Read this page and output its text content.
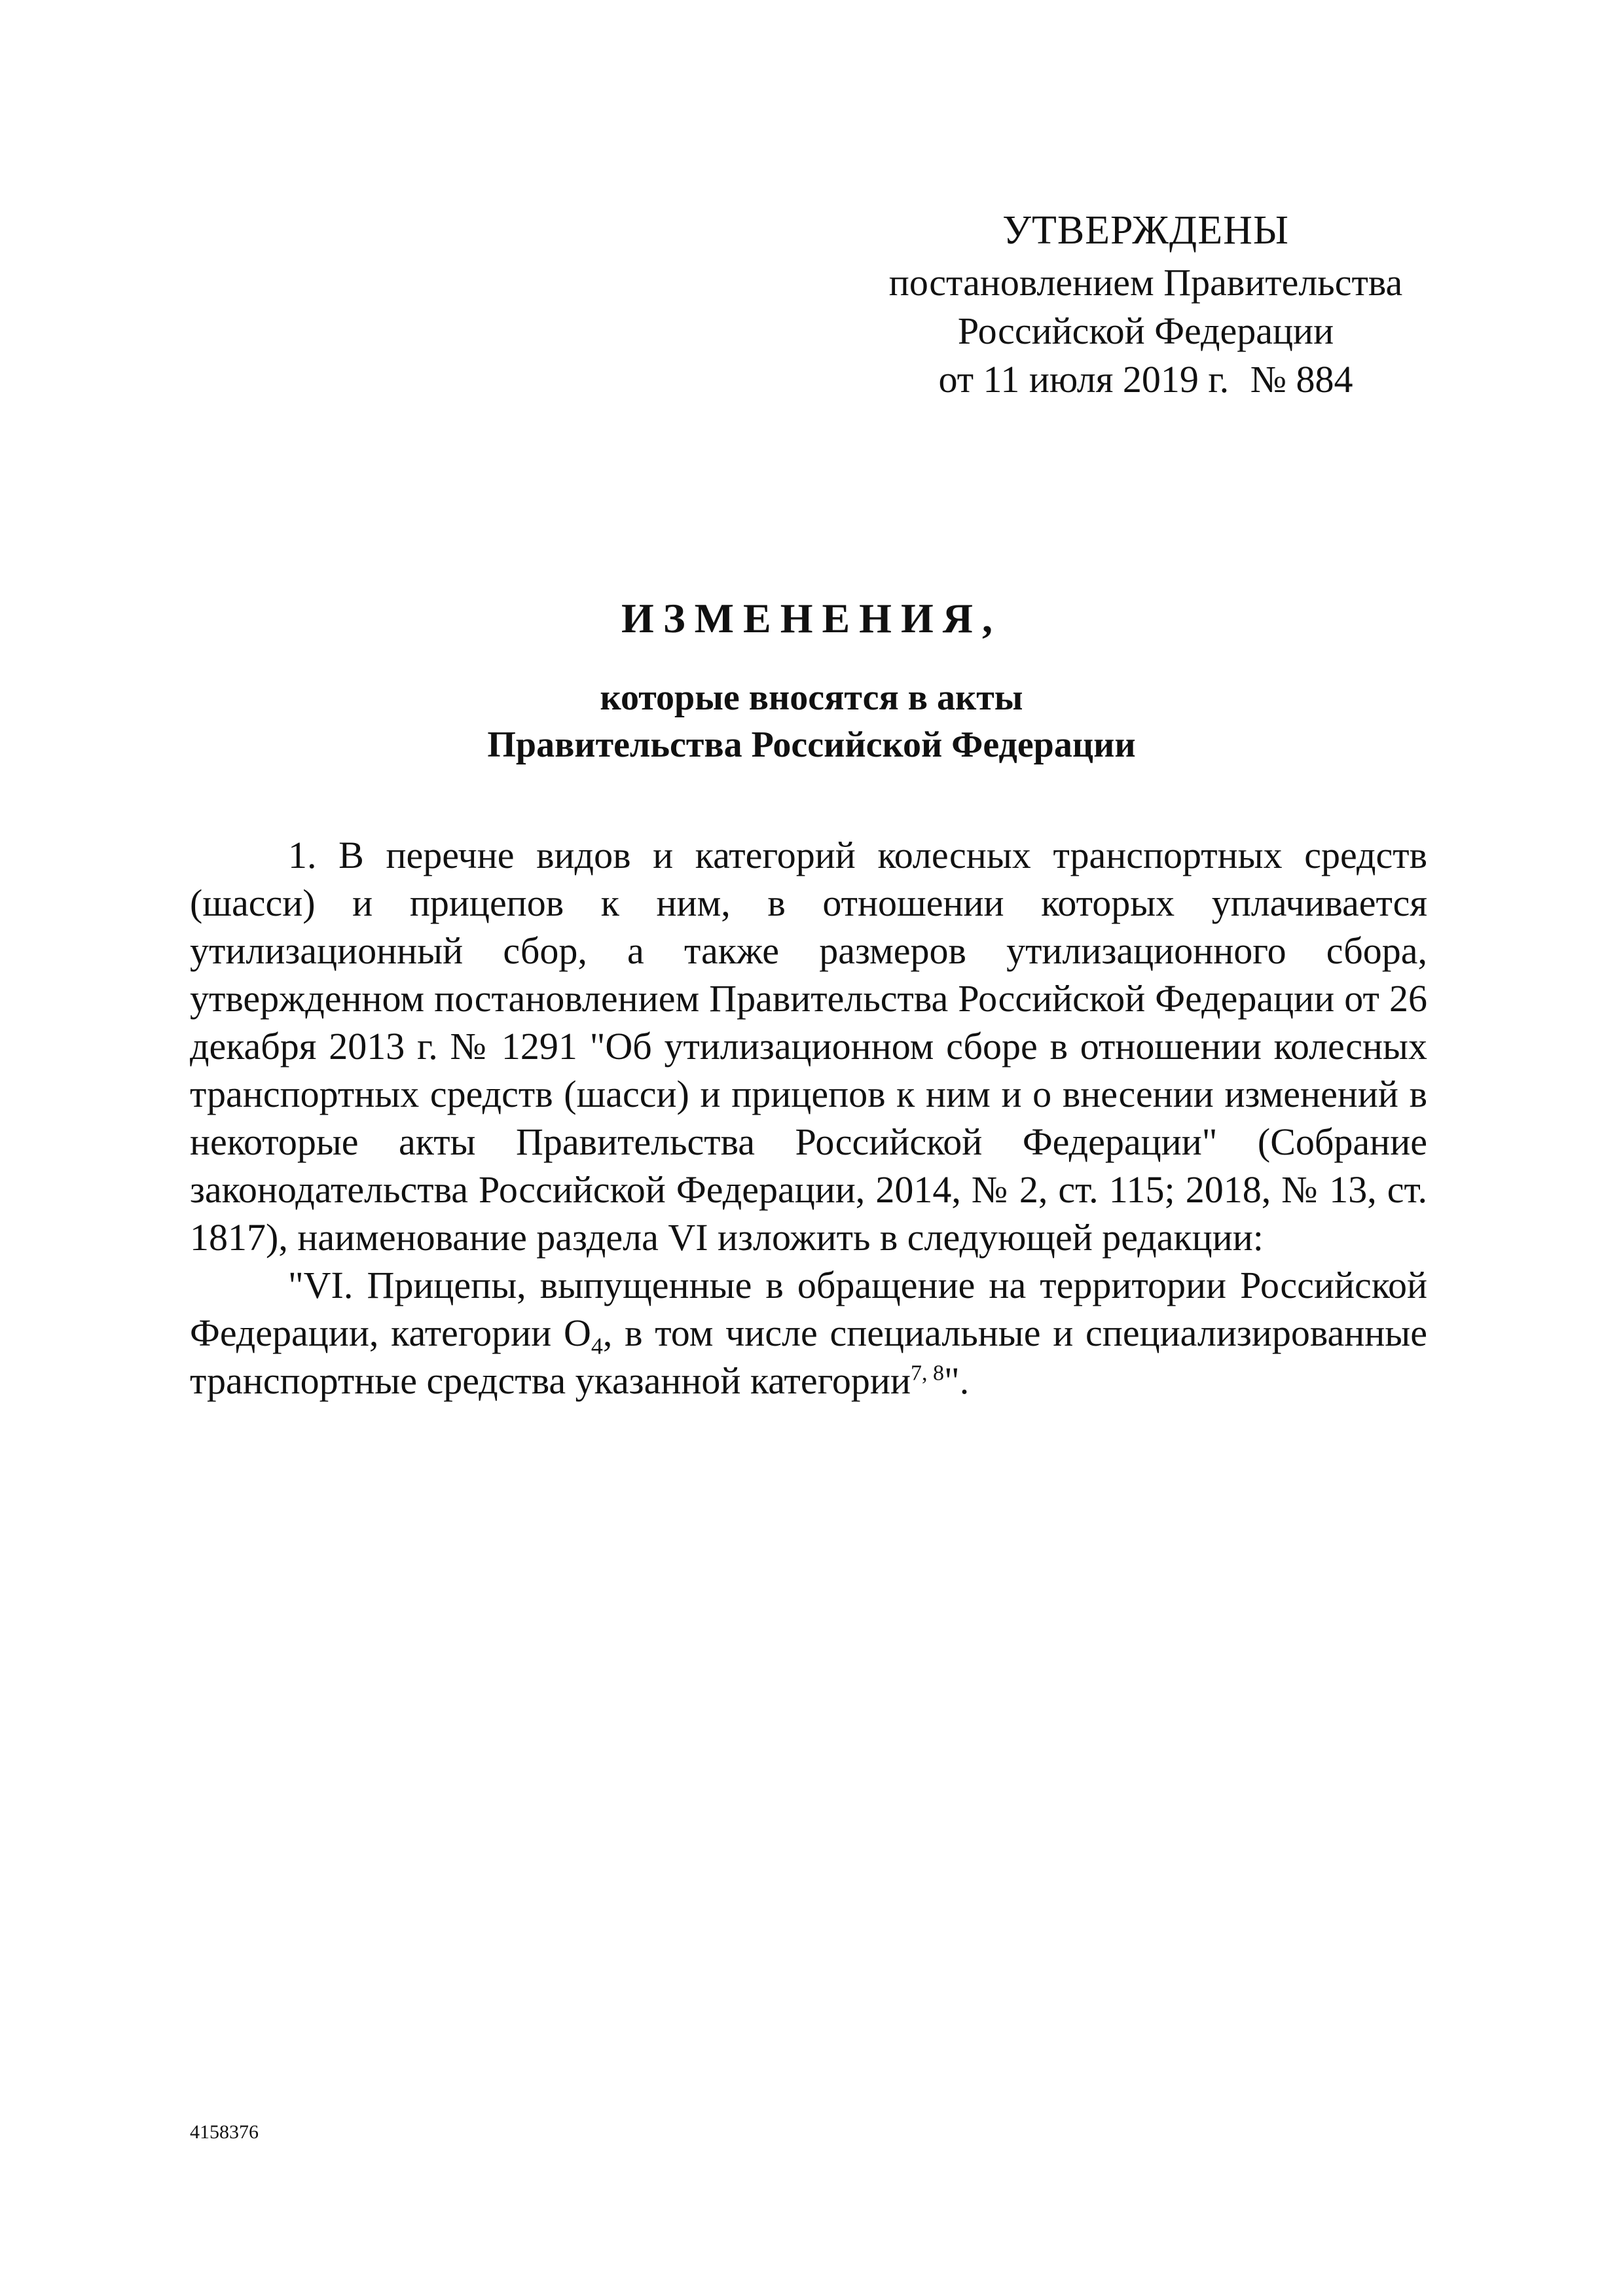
УТВЕРЖДЕНЫ
постановлением Правительства
Российской Федерации
от 11 июля 2019 г. № 884
ИЗМЕНЕНИЯ,
которые вносятся в акты
Правительства Российской Федерации

1. В перечне видов и категорий колесных транспортных средств (шасси) и прицепов к ним, в отношении которых уплачивается утилизационный сбор, а также размеров утилизационного сбора, утвержденном постановлением Правительства Российской Федерации от 26 декабря 2013 г. № 1291 "Об утилизационном сборе в отношении колесных транспортных средств (шасси) и прицепов к ним и о внесении изменений в некоторые акты Правительства Российской Федерации" (Собрание законодательства Российской Федерации, 2014, № 2, ст. 115; 2018, № 13, ст. 1817), наименование раздела VI изложить в следующей редакции:

"VI. Прицепы, выпущенные в обращение на территории Российской Федерации, категории $O_4$, в том числе специальные и специализированные транспортные средства указанной категории$^{7, 8}$".

4158376
